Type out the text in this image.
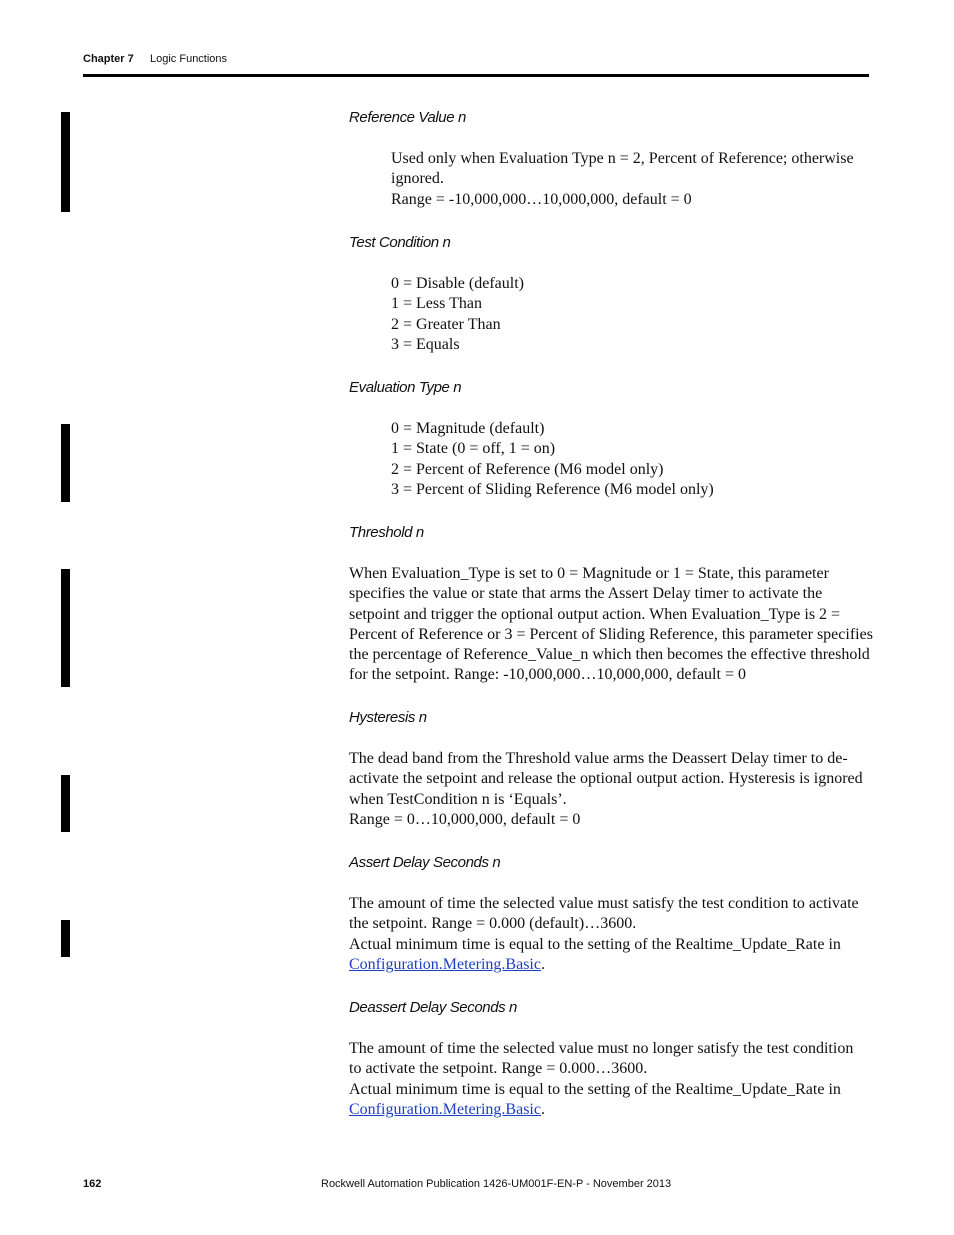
Chapter 7 Logic Functions
Reference Value n
Used only when Evaluation Type n = 2, Percent of Reference; otherwise
ignored.
Range = -10,000,000…10,000,000, default = 0
Test Condition n
0 = Disable (default)
1 = Less Than
2 = Greater Than
3 = Equals
Evaluation Type n
0 = Magnitude (default)
1 = State (0 = off, 1 = on)
2 = Percent of Reference (M6 model only)
3 = Percent of Sliding Reference (M6 model only)
Threshold n
When Evaluation_Type is set to 0 = Magnitude or 1 = State, this parameter
specifies the value or state that arms the Assert Delay timer to activate the
setpoint and trigger the optional output action. When Evaluation_Type is 2 =
Percent of Reference or 3 = Percent of Sliding Reference, this parameter specifies
the percentage of Reference_Value_n which then becomes the effective threshold
for the setpoint. Range: -10,000,000…10,000,000, default = 0
Hysteresis n
The dead band from the Threshold value arms the Deassert Delay timer to de-
activate the setpoint and release the optional output action. Hysteresis is ignored
when TestCondition n is ‘Equals’.
Range = 0…10,000,000, default = 0
Assert Delay Seconds n
The amount of time the selected value must satisfy the test condition to activate
the setpoint. Range = 0.000 (default)…3600.
Actual minimum time is equal to the setting of the Realtime_Update_Rate in
Configuration.Metering.Basic.
Deassert Delay Seconds n
The amount of time the selected value must no longer satisfy the test condition
to activate the setpoint. Range = 0.000…3600.
Actual minimum time is equal to the setting of the Realtime_Update_Rate in
Configuration.Metering.Basic.
162	Rockwell Automation Publication 1426-UM001F-EN-P - November 2013
